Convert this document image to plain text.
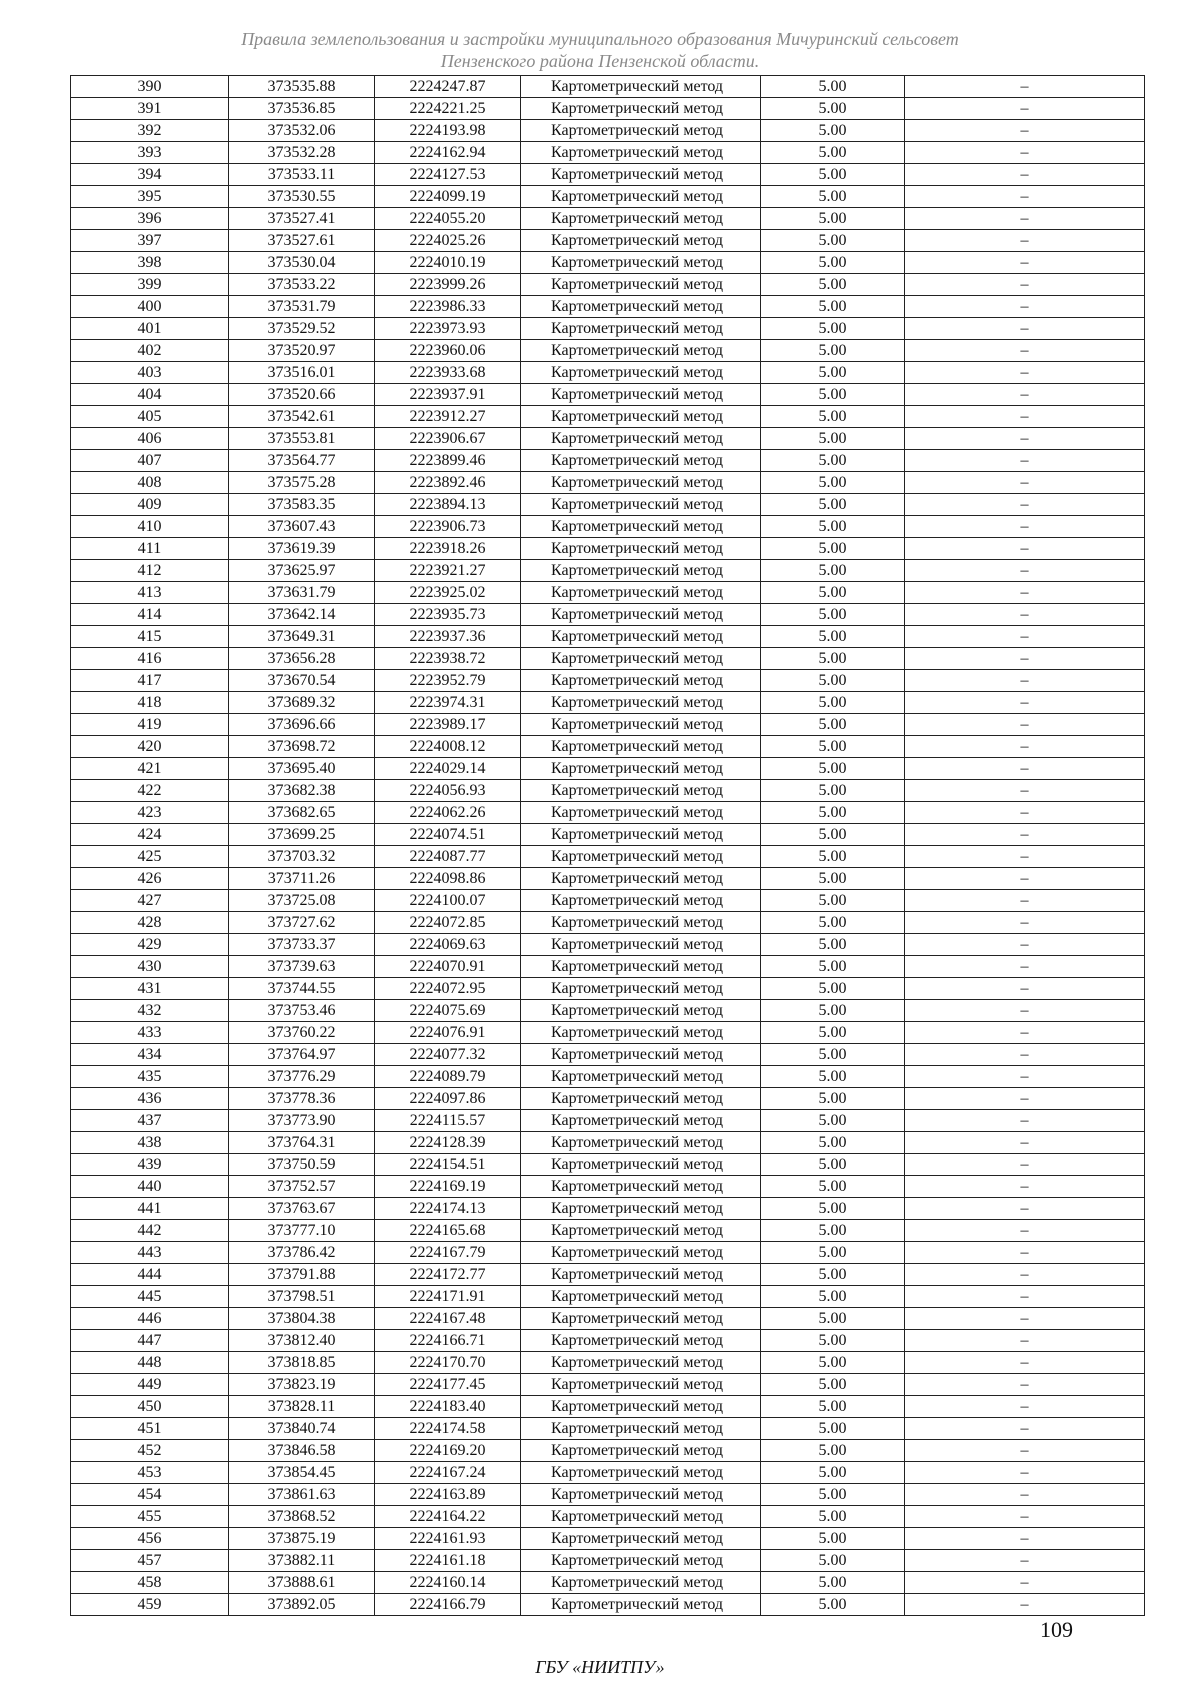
Правила землепользования и застройки муниципального образования Мичуринский сельсовет
Пензенского района Пензенской области.
390	373535.88	2224247.87	Картометрический метод	5.00	–
391	373536.85	2224221.25	Картометрический метод	5.00	–
392	373532.06	2224193.98	Картометрический метод	5.00	–
393	373532.28	2224162.94	Картометрический метод	5.00	–
394	373533.11	2224127.53	Картометрический метод	5.00	–
395	373530.55	2224099.19	Картометрический метод	5.00	–
396	373527.41	2224055.20	Картометрический метод	5.00	–
397	373527.61	2224025.26	Картометрический метод	5.00	–
398	373530.04	2224010.19	Картометрический метод	5.00	–
399	373533.22	2223999.26	Картометрический метод	5.00	–
400	373531.79	2223986.33	Картометрический метод	5.00	–
401	373529.52	2223973.93	Картометрический метод	5.00	–
402	373520.97	2223960.06	Картометрический метод	5.00	–
403	373516.01	2223933.68	Картометрический метод	5.00	–
404	373520.66	2223937.91	Картометрический метод	5.00	–
405	373542.61	2223912.27	Картометрический метод	5.00	–
406	373553.81	2223906.67	Картометрический метод	5.00	–
407	373564.77	2223899.46	Картометрический метод	5.00	–
408	373575.28	2223892.46	Картометрический метод	5.00	–
409	373583.35	2223894.13	Картометрический метод	5.00	–
410	373607.43	2223906.73	Картометрический метод	5.00	–
411	373619.39	2223918.26	Картометрический метод	5.00	–
412	373625.97	2223921.27	Картометрический метод	5.00	–
413	373631.79	2223925.02	Картометрический метод	5.00	–
414	373642.14	2223935.73	Картометрический метод	5.00	–
415	373649.31	2223937.36	Картометрический метод	5.00	–
416	373656.28	2223938.72	Картометрический метод	5.00	–
417	373670.54	2223952.79	Картометрический метод	5.00	–
418	373689.32	2223974.31	Картометрический метод	5.00	–
419	373696.66	2223989.17	Картометрический метод	5.00	–
420	373698.72	2224008.12	Картометрический метод	5.00	–
421	373695.40	2224029.14	Картометрический метод	5.00	–
422	373682.38	2224056.93	Картометрический метод	5.00	–
423	373682.65	2224062.26	Картометрический метод	5.00	–
424	373699.25	2224074.51	Картометрический метод	5.00	–
425	373703.32	2224087.77	Картометрический метод	5.00	–
426	373711.26	2224098.86	Картометрический метод	5.00	–
427	373725.08	2224100.07	Картометрический метод	5.00	–
428	373727.62	2224072.85	Картометрический метод	5.00	–
429	373733.37	2224069.63	Картометрический метод	5.00	–
430	373739.63	2224070.91	Картометрический метод	5.00	–
431	373744.55	2224072.95	Картометрический метод	5.00	–
432	373753.46	2224075.69	Картометрический метод	5.00	–
433	373760.22	2224076.91	Картометрический метод	5.00	–
434	373764.97	2224077.32	Картометрический метод	5.00	–
435	373776.29	2224089.79	Картометрический метод	5.00	–
436	373778.36	2224097.86	Картометрический метод	5.00	–
437	373773.90	2224115.57	Картометрический метод	5.00	–
438	373764.31	2224128.39	Картометрический метод	5.00	–
439	373750.59	2224154.51	Картометрический метод	5.00	–
440	373752.57	2224169.19	Картометрический метод	5.00	–
441	373763.67	2224174.13	Картометрический метод	5.00	–
442	373777.10	2224165.68	Картометрический метод	5.00	–
443	373786.42	2224167.79	Картометрический метод	5.00	–
444	373791.88	2224172.77	Картометрический метод	5.00	–
445	373798.51	2224171.91	Картометрический метод	5.00	–
446	373804.38	2224167.48	Картометрический метод	5.00	–
447	373812.40	2224166.71	Картометрический метод	5.00	–
448	373818.85	2224170.70	Картометрический метод	5.00	–
449	373823.19	2224177.45	Картометрический метод	5.00	–
450	373828.11	2224183.40	Картометрический метод	5.00	–
451	373840.74	2224174.58	Картометрический метод	5.00	–
452	373846.58	2224169.20	Картометрический метод	5.00	–
453	373854.45	2224167.24	Картометрический метод	5.00	–
454	373861.63	2224163.89	Картометрический метод	5.00	–
455	373868.52	2224164.22	Картометрический метод	5.00	–
456	373875.19	2224161.93	Картометрический метод	5.00	–
457	373882.11	2224161.18	Картометрический метод	5.00	–
458	373888.61	2224160.14	Картометрический метод	5.00	–
459	373892.05	2224166.79	Картометрический метод	5.00	–
109
ГБУ «НИИТПУ»
